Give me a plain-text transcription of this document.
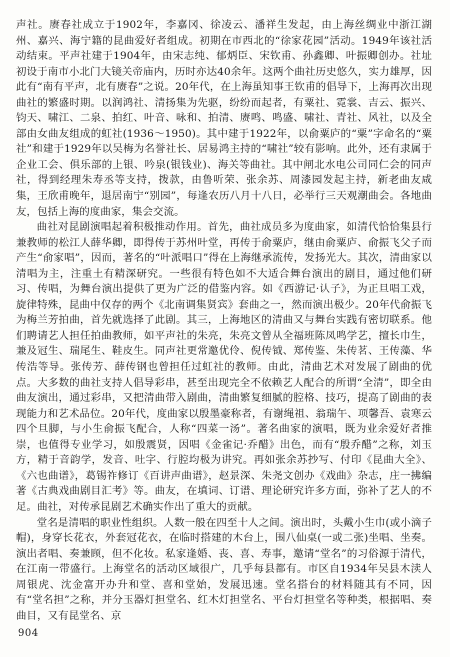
声社。赓春社成立于1902年，李嘉冈、徐凌云、潘祥生发起，由上海丝绸业中浙江湖州、嘉兴、海宁籍的昆曲爱好者组成。初期在市西北的“徐家花园”活动。1949年该社活动结束。平声社建于1904年，由宋志纯、郁炳臣、宋钦甫、孙鑫卿、叶振卿创办。社址初设于南市小北门大镜关帝庙内，历时亦达40余年。这两个曲社历史悠久，实力雄厚，因此有“南有平声，北有赓春”之说。20年代，在上海虽知事王钦甫的倡导下，上海再次出现曲社的繁盛时期。以润鸿社、清扬集为先驱，纷纷而起者，有粟社、霓裳、吉云、振兴、钧天、啸江、二泉、拍红、叶音、咏和、拍清、赓鸣、鸣盛、啸社、青社、风社，以及全部由女曲友组成的虹社(1936～1950)。其中建于1922年，以俞粟庐的“粟”字命名的“粟社”和建于1929年以吴梅为名誉社长、居易鸿主持的“啸社”较有影响。此外，还有隶属于企业工会、俱乐部的上银、吟泉(银钱业)、海关等曲社。其中闸北水电公司同仁会的同声社，得到经理朱寿丞等支持，拨款，由鲁听荣、张余苏、周漆园发起主持，新老曲友咸集，王欣甫晚年，退居南宁“别园”，每逢农历八月十八日，必举行三天观潮曲会。各地曲友，包括上海的度曲家，集会交流。

曲社对昆剧演唱起着积极推动作用。首先，曲社成员多为度曲家，如清代恰恰集县行兼教师的松江人薛华卿，即得传于苏州叶堂，再传于俞粟庐，继由俞粟庐、俞振飞父子而产生“俞家唱”，因而，著名的“叶派唱口”得在上海继承流传，发扬光大。其次，清曲家以清唱为主，注重土有精深研究。一些很有特色如不大适合舞台演出的剧目，通过他们研习、传唱，为舞台演出提供了更为广泛的借鉴内容。如《西游记·认子》，为正旦唱工戏，旋律特殊，昆曲中仅存的两个《北南调集贤宾》套曲之一，然而演出极少。20年代俞振飞为梅兰芳拍曲，首先就选择了此剧。其三，上海地区的清曲又与舞台实践有密切联系。他们聘请艺人担任拍曲教师，如平声社的朱亮，朱亮文曾从全福班陈凤鸣学艺，擅长巾生，兼及冠生、瑞尾生、鞋皮生。同声社更常邀优伶、倪传钺、郑传鉴、朱传茗、王传藻、华传浩等导。张传芳、薛传钢也曾担任过虹社的教师。由此，清曲艺术对发展了剧曲的优点。大多数的曲社支持人倡导彩串，甚至出现完全不依赖艺人配合的所谓“全清”，即全由曲友演出，通过彩串，又把清曲带入剧曲，清曲繁复细腻的腔格、技巧，提高了剧曲的表现能力和艺术品位。20年代，度曲家以殷墨豪称者，有谢绳祖、翁瑞午、项馨吾、袁寒云四个旦脚，与小生俞振飞配合，人称“四菜一汤”。著名曲家的演唱，既为业余爱好者推崇，也值得专业学习，如殷震贤，因唱《金雀记·乔醋》出色，而有“殷乔醋”之称，刘玉方，精于音韵学，发音、吐字、行腔均极为讲究。再如张余苏抄写、付印《昆曲大全》、《六也曲谱》，葛锡祚修订《百讲声曲谱》，赵景深、朱尧文创办《戏曲》杂志，庄一拂编著《古典戏曲剧目汇考》等。曲友，在填词、订谱、理论研究许多方面，弥补了艺人的不足。曲社，对传承昆剧艺术确实作出了重大的贡献。

堂名是清唱的职业性组织。人数一般在四至十人之间。演出时，头戴小生巾(或小滴子帽)，身穿长花衣，外套冠花衣，在临时搭建的木台上，围八仙桌(一或二张)坐唱、坐奏。演出者唱、奏兼顾，但不化妆。私家逢婚、丧、喜、寿事，邀请“堂名”的习俗源于清代，在江南一带盛行。上海堂名的活动区域很广，几乎每县都有。市区自1934年吴县木渎人周银虎、沈金富开办升和堂、喜和堂始，发展迅速。堂名搭台的材料随其有不同，因有“堂名担”之称，并分玉器灯担堂名、红木灯担堂名、平台灯担堂名等种类，根据唱、奏曲目，又有昆堂名、京

904
